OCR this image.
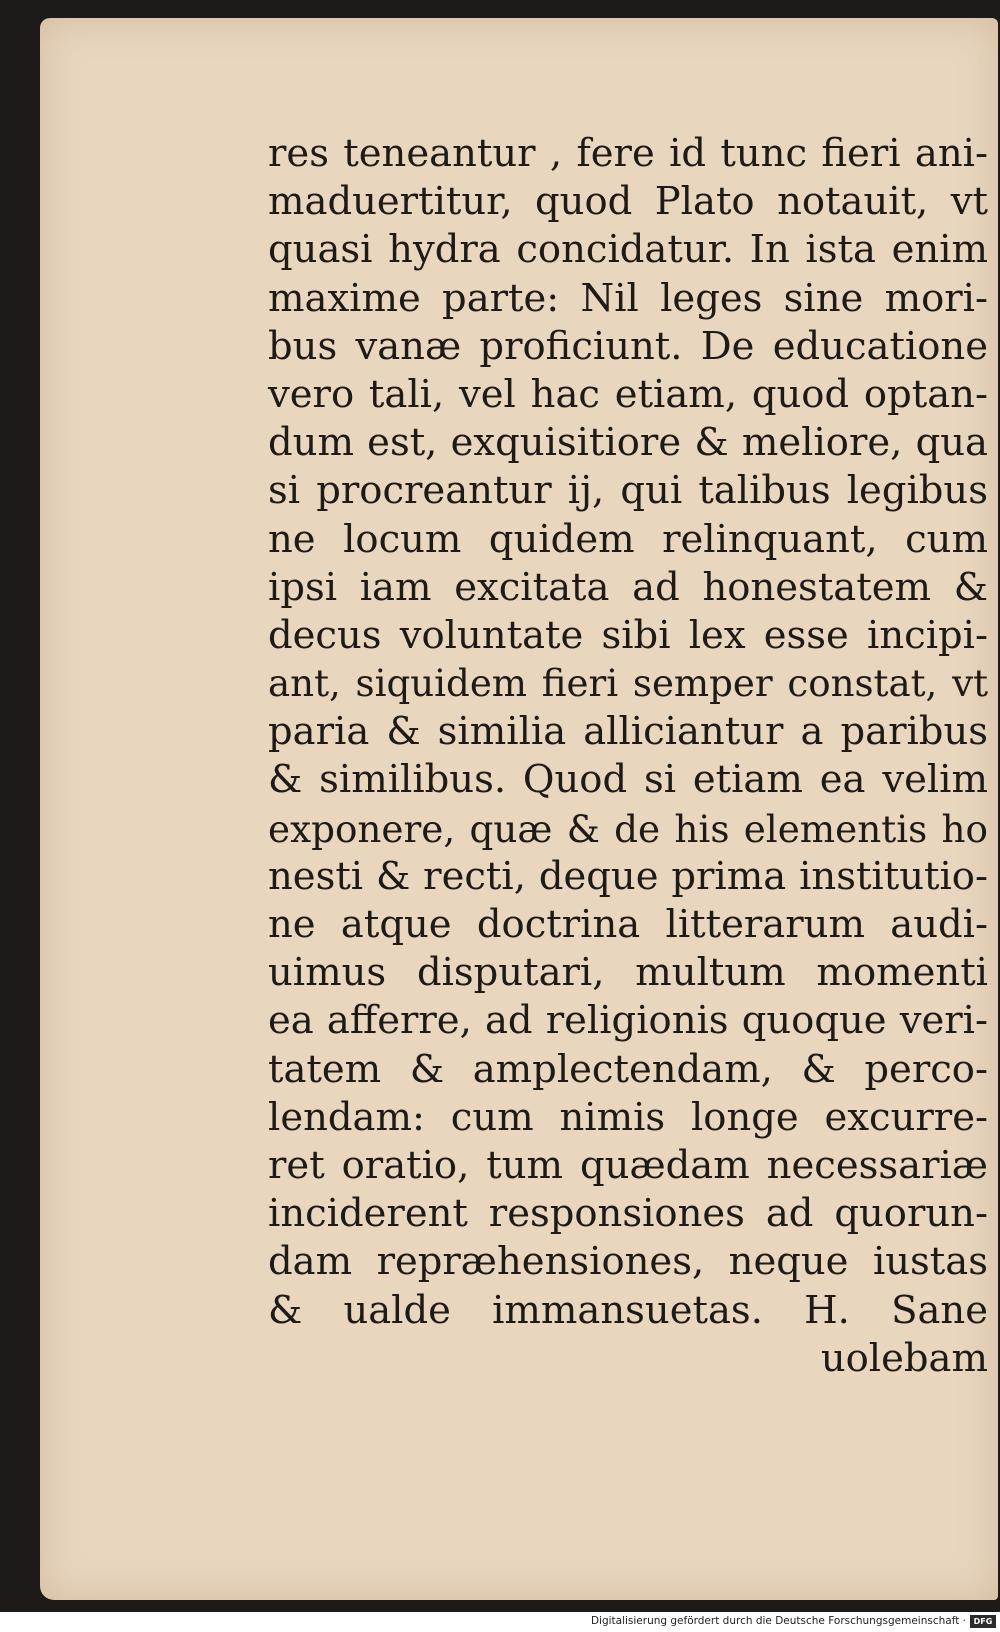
res teneantur , fere id tunc fieri ani-
maduertitur, quod Plato notauit, vt
quasi hydra concidatur. In ista enim
maxime parte: Nil leges sine mori-
bus vanæ proficiunt. De educatione
vero tali, vel hac etiam, quod optan-
dum est, exquisitiore & meliore, qua
si procreantur ij, qui talibus legibus
ne locum quidem relinquant, cum
ipsi iam excitata ad honestatem &
decus voluntate sibi lex esse incipi-
ant, siquidem fieri semper constat, vt
paria & similia alliciantur a paribus
& similibus. Quod si etiam ea velim
exponere, quæ & de his elementis ho
nesti & recti, deque prima institutio-
ne atque doctrina litterarum audi-
uimus disputari, multum momenti
ea afferre, ad religionis quoque veri-
tatem & amplectendam, & perco-
lendam: cum nimis longe excurre-
ret oratio, tum quædam necessariæ
inciderent responsiones ad quorun-
dam repræhensiones, neque iustas
& ualde immansuetas. H. Sane
uolebam
Digitalisierung gefördert durch die Deutsche Forschungsgemeinschaft · DFG
